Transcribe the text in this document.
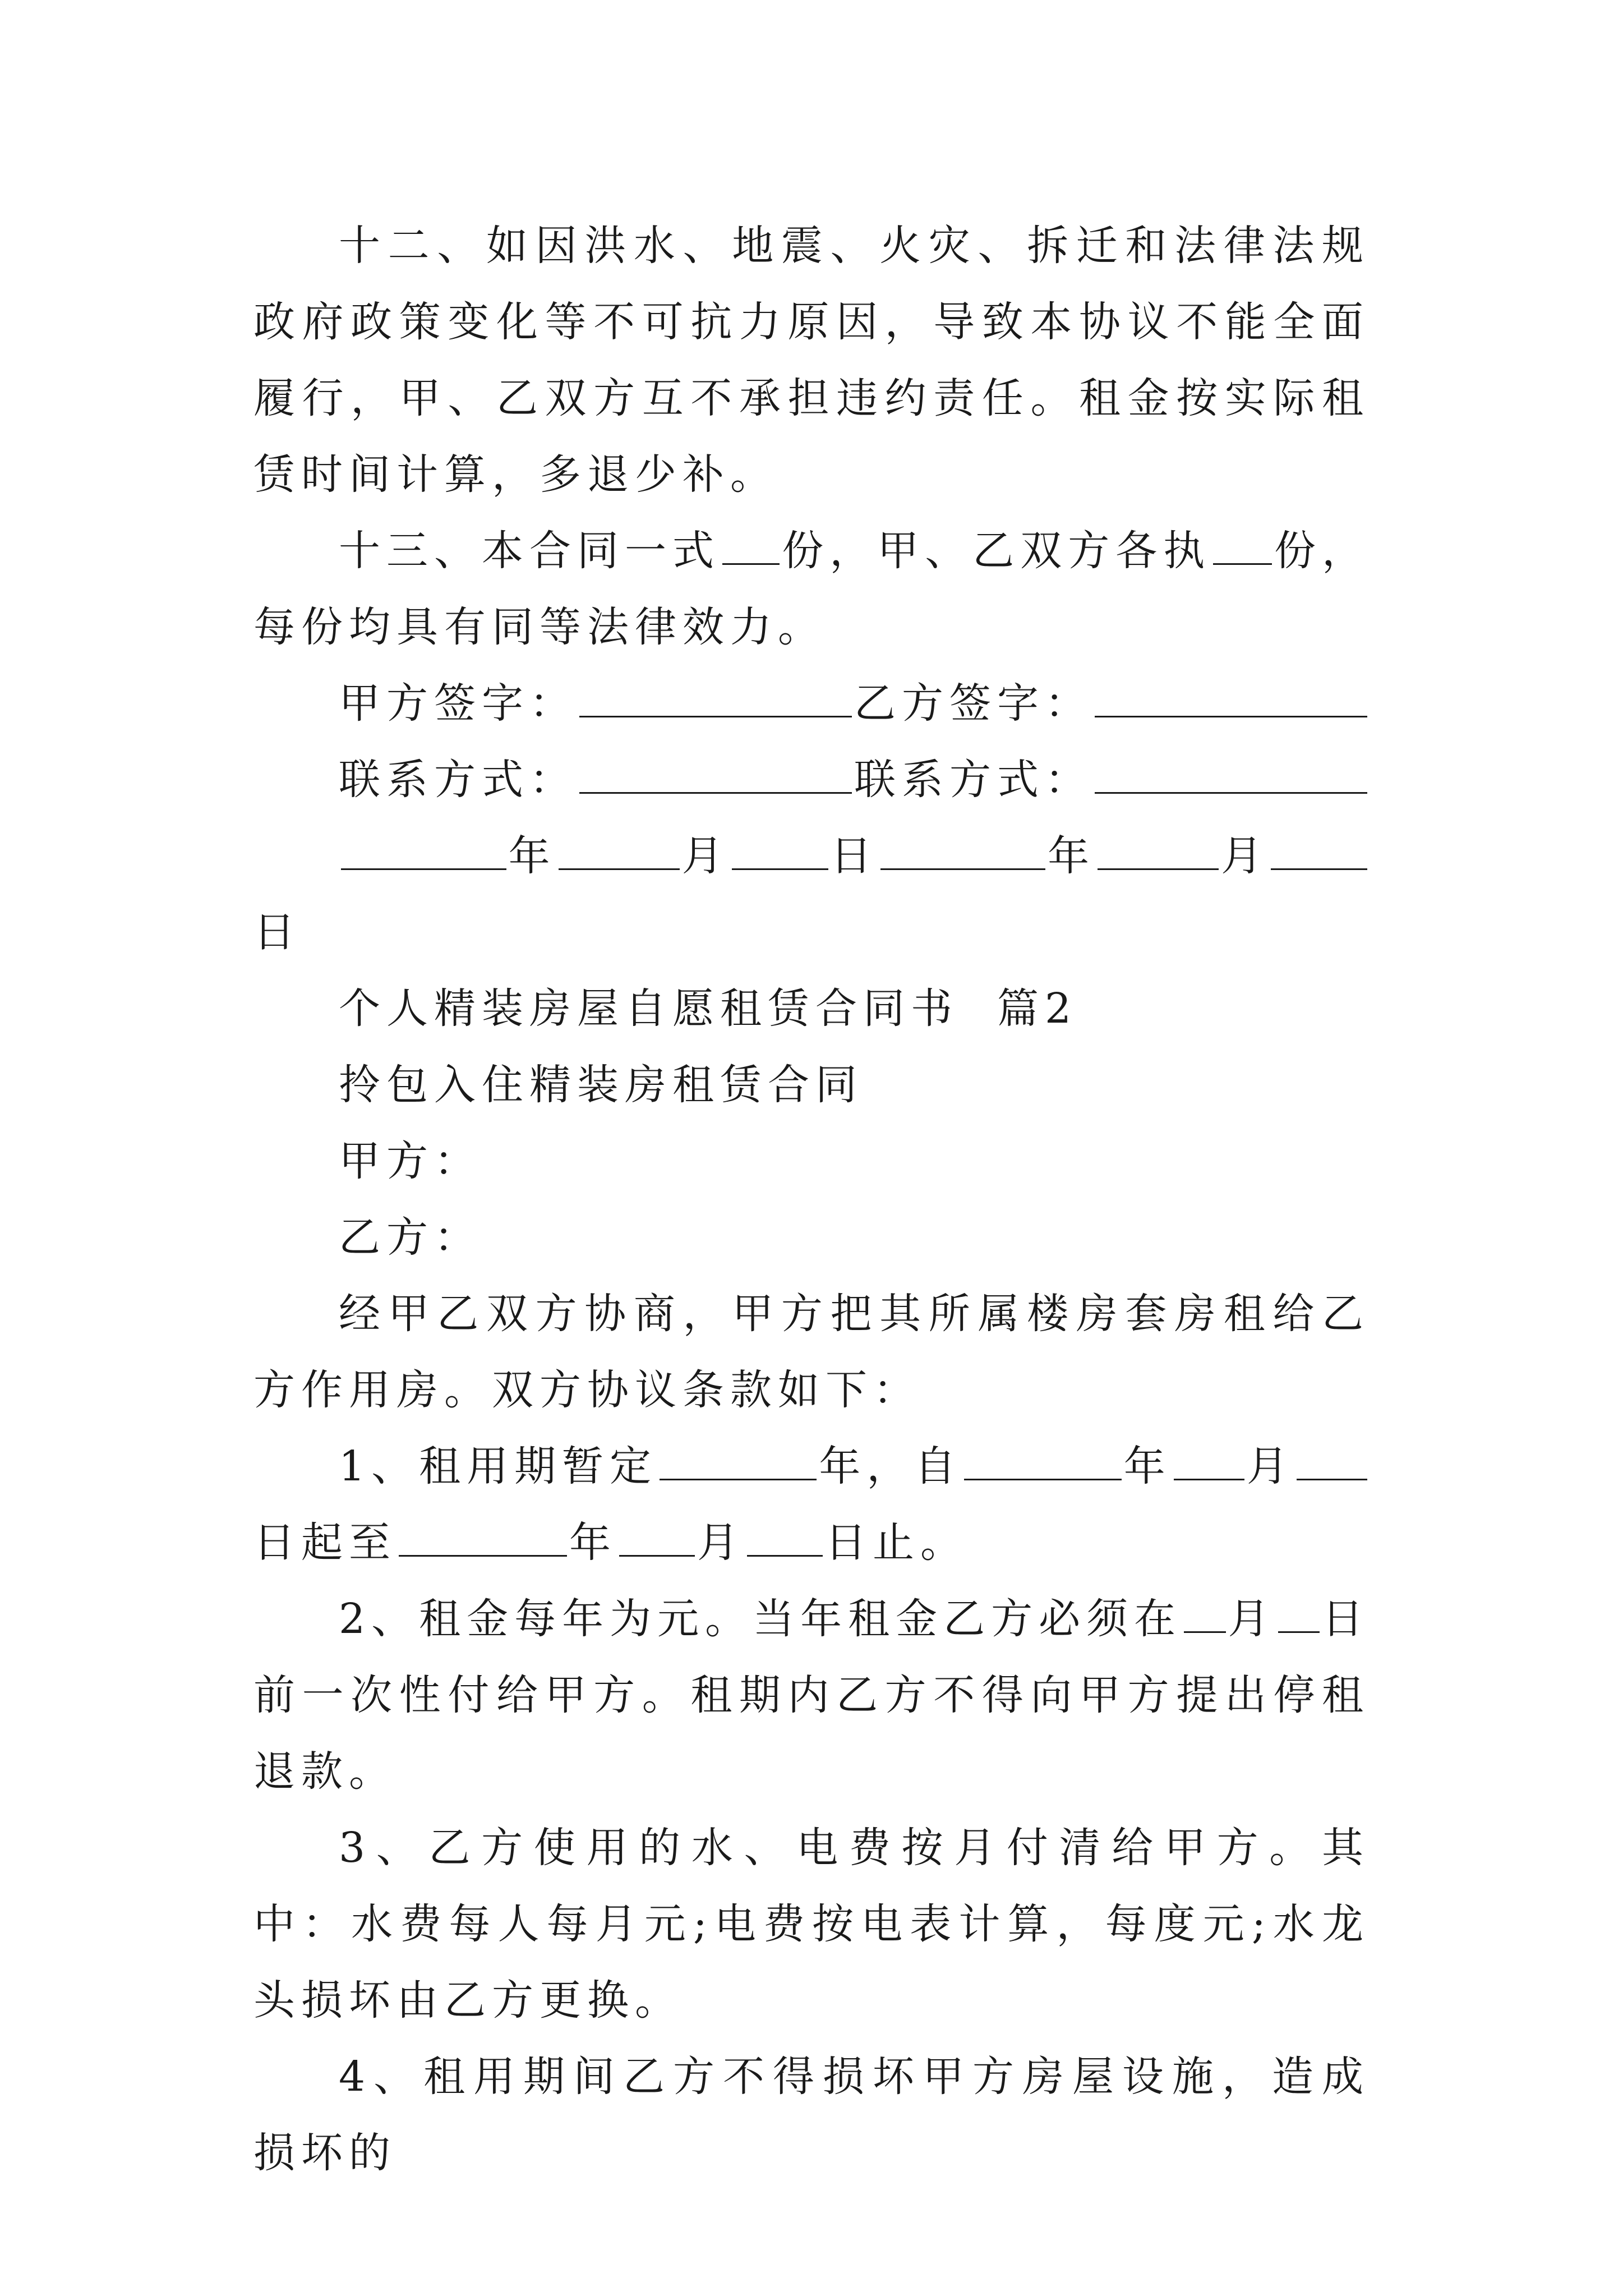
十二、如因洪水、地震、火灾、拆迁和法律法规政府政策变化等不可抗力原因，导致本协议不能全面履行，甲、乙双方互不承担违约责任。租金按实际租赁时间计算，多退少补。

十三、本合同一式 份，甲、乙双方各执 份，

每份均具有同等法律效力。

甲方签字：	乙方签字：
联系方式：	联系方式：
年	月 日	年	月
日
个人精装房屋自愿租赁合同书  篇2
拎包入住精装房租赁合同
甲方：
乙方：

经甲乙双方协商，甲方把其所属楼房套房租给乙方作用房。双方协议条款如下：

1、租用期暂定	年，自	年 月
日起至	年 月 日止。
2、租金每年为元。当年租金乙方必须在 月 日

前一次性付给甲方。租期内乙方不得向甲方提出停租退款。

3、乙方使用的水、电费按月付清给甲方。其中：水费每人每月元;电费按电表计算，每度元;水龙头损坏由乙方更换。

4、租用期间乙方不得损坏甲方房屋设施，造成损坏的
